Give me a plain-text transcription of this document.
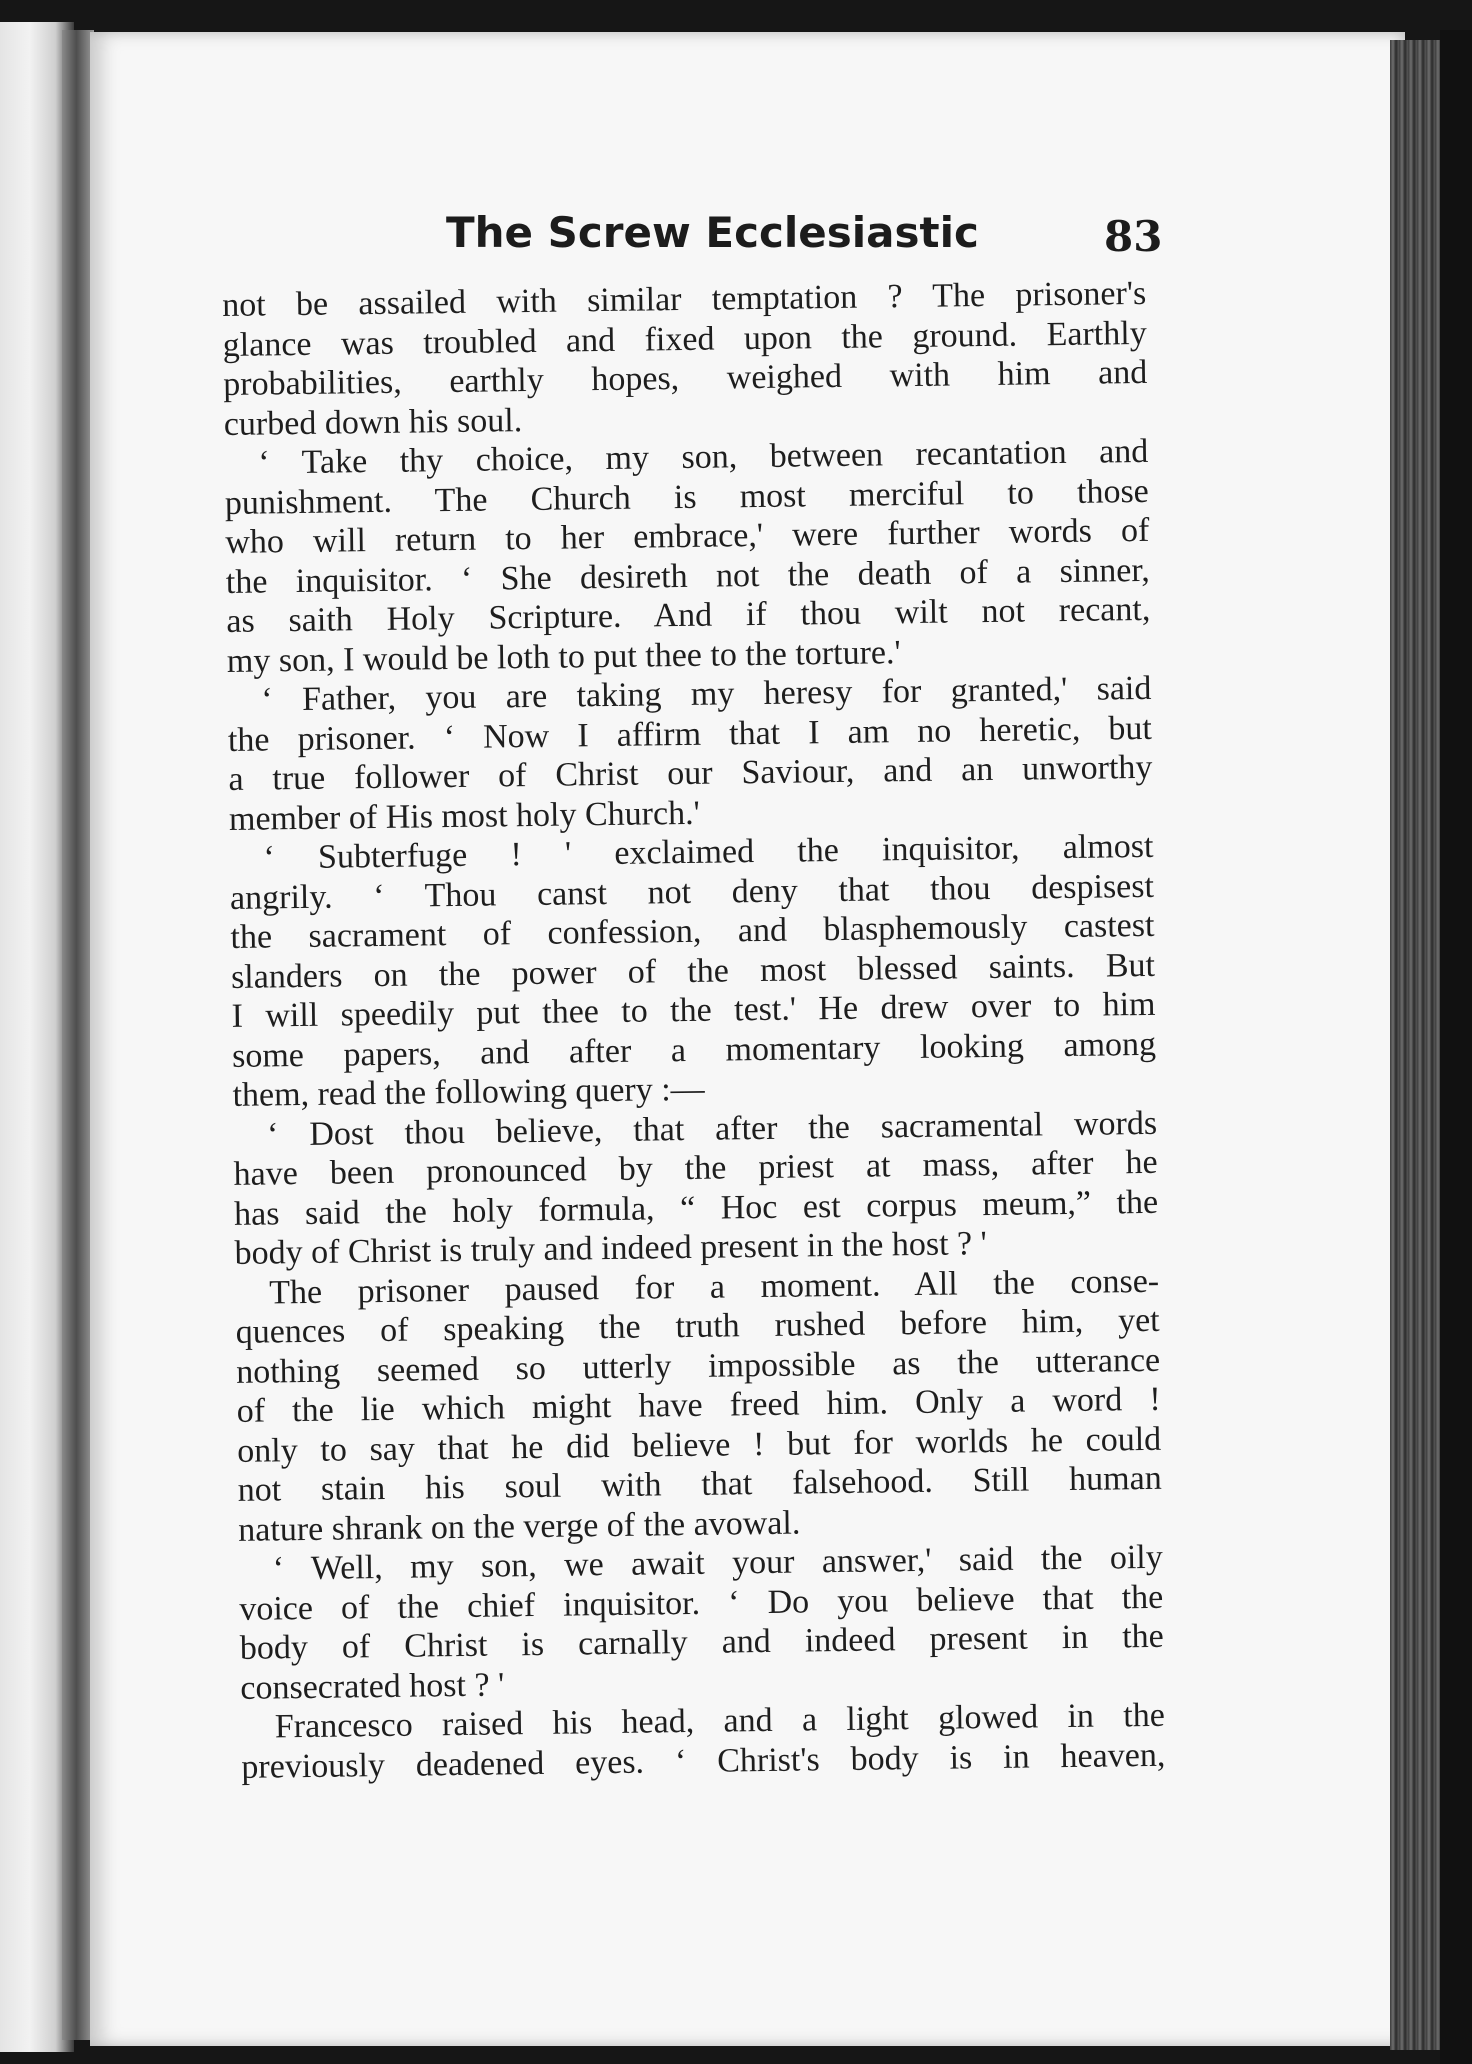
The Screw Ecclesiastic	83
not be assailed with similar temptation ? The prisoner's
glance was troubled and fixed upon the ground. Earthly
probabilities, earthly hopes, weighed with him and
curbed down his soul.
‘ Take thy choice, my son, between recantation and
punishment. The Church is most merciful to those
who will return to her embrace,' were further words of
the inquisitor. ‘ She desireth not the death of a sinner,
as saith Holy Scripture. And if thou wilt not recant,
my son, I would be loth to put thee to the torture.'
‘ Father, you are taking my heresy for granted,' said
the prisoner. ‘ Now I affirm that I am no heretic, but
a true follower of Christ our Saviour, and an unworthy
member of His most holy Church.'
‘ Subterfuge ! ' exclaimed the inquisitor, almost
angrily. ‘ Thou canst not deny that thou despisest
the sacrament of confession, and blasphemously castest
slanders on the power of the most blessed saints. But
I will speedily put thee to the test.' He drew over to him
some papers, and after a momentary looking among
them, read the following query :—
‘ Dost thou believe, that after the sacramental words
have been pronounced by the priest at mass, after he
has said the holy formula, “ Hoc est corpus meum,” the
body of Christ is truly and indeed present in the host ? '
The prisoner paused for a moment. All the conse-
quences of speaking the truth rushed before him, yet
nothing seemed so utterly impossible as the utterance
of the lie which might have freed him. Only a word !
only to say that he did believe ! but for worlds he could
not stain his soul with that falsehood. Still human
nature shrank on the verge of the avowal.
‘ Well, my son, we await your answer,' said the oily
voice of the chief inquisitor. ‘ Do you believe that the
body of Christ is carnally and indeed present in the
consecrated host ? '
Francesco raised his head, and a light glowed in the
previously deadened eyes. ‘ Christ's body is in heaven,
